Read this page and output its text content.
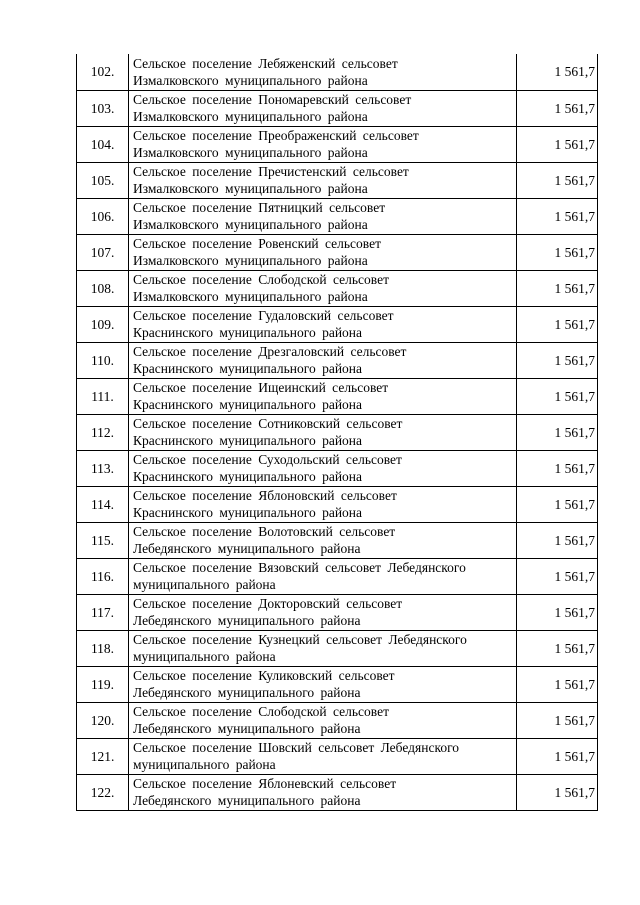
102.	Сельское поселение Лебяженский сельсовет
Измалковского муниципального района	1 561,7
103.	Сельское поселение Пономаревский сельсовет
Измалковского муниципального района	1 561,7
104.	Сельское поселение Преображенский сельсовет
Измалковского муниципального района	1 561,7
105.	Сельское поселение Пречистенский сельсовет
Измалковского муниципального района	1 561,7
106.	Сельское поселение Пятницкий сельсовет
Измалковского муниципального района	1 561,7
107.	Сельское поселение Ровенский сельсовет
Измалковского муниципального района	1 561,7
108.	Сельское поселение Слободской сельсовет
Измалковского муниципального района	1 561,7
109.	Сельское поселение Гудаловский сельсовет
Краснинского муниципального района	1 561,7
110.	Сельское поселение Дрезгаловский сельсовет
Краснинского муниципального района	1 561,7
111.	Сельское поселение Ищеинский сельсовет
Краснинского муниципального района	1 561,7
112.	Сельское поселение Сотниковский сельсовет
Краснинского муниципального района	1 561,7
113.	Сельское поселение Суходольский сельсовет
Краснинского муниципального района	1 561,7
114.	Сельское поселение Яблоновский сельсовет
Краснинского муниципального района	1 561,7
115.	Сельское поселение Волотовский сельсовет
Лебедянского муниципального района	1 561,7
116.	Сельское поселение Вязовский сельсовет Лебедянского
муниципального района	1 561,7
117.	Сельское поселение Докторовский сельсовет
Лебедянского муниципального района	1 561,7
118.	Сельское поселение Кузнецкий сельсовет Лебедянского
муниципального района	1 561,7
119.	Сельское поселение Куликовский сельсовет
Лебедянского муниципального района	1 561,7
120.	Сельское поселение Слободской сельсовет
Лебедянского муниципального района	1 561,7
121.	Сельское поселение Шовский сельсовет Лебедянского
муниципального района	1 561,7
122.	Сельское поселение Яблоневский сельсовет
Лебедянского муниципального района	1 561,7
